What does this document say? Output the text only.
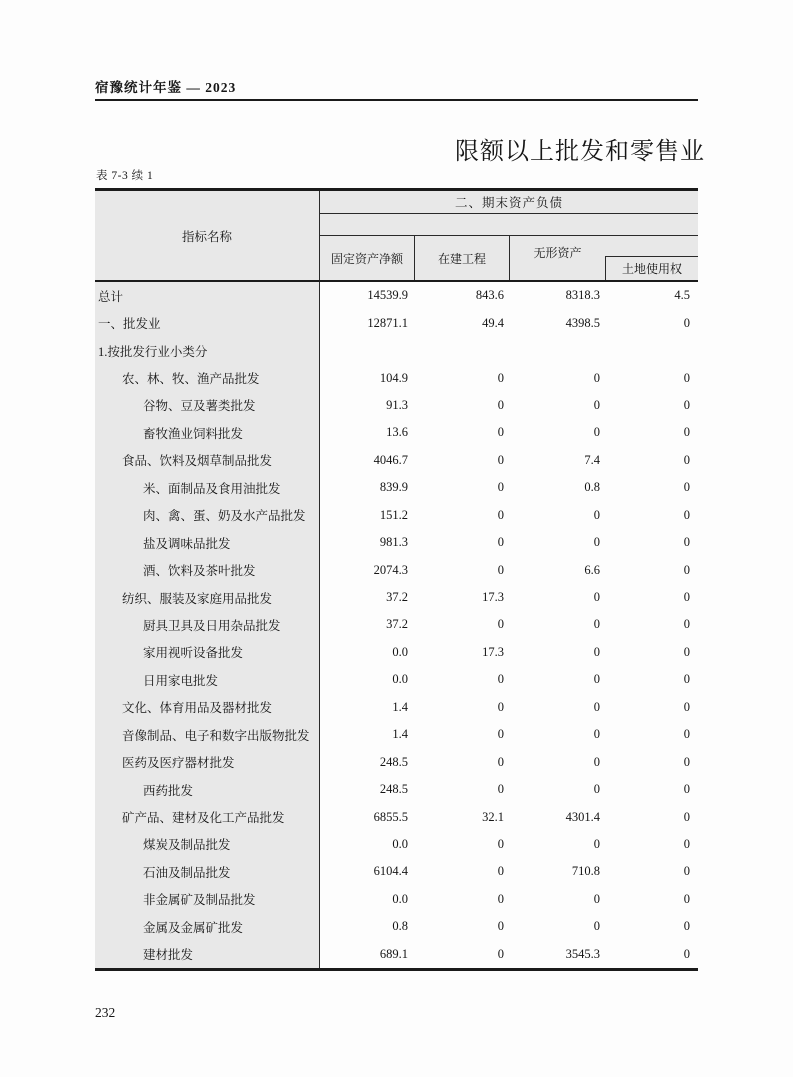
宿豫统计年鉴 — 2023
限额以上批发和零售业
表 7-3 续 1
指标名称
二、期末资产负债
固定资产净额	在建工程	无形资产
土地使用权
总计	14539.9	843.6	8318.3	4.5
一、批发业	12871.1	49.4	4398.5	0
1.按批发行业小类分
农、林、牧、渔产品批发	104.9	0	0	0
谷物、豆及薯类批发	91.3	0	0	0
畜牧渔业饲料批发	13.6	0	0	0
食品、饮料及烟草制品批发	4046.7	0	7.4	0
米、面制品及食用油批发	839.9	0	0.8	0
肉、禽、蛋、奶及水产品批发	151.2	0	0	0
盐及调味品批发	981.3	0	0	0
酒、饮料及茶叶批发	2074.3	0	6.6	0
纺织、服装及家庭用品批发	37.2	17.3	0	0
厨具卫具及日用杂品批发	37.2	0	0	0
家用视听设备批发	0.0	17.3	0	0
日用家电批发	0.0	0	0	0
文化、体育用品及器材批发	1.4	0	0	0
音像制品、电子和数字出版物批发	1.4	0	0	0
医药及医疗器材批发	248.5	0	0	0
西药批发	248.5	0	0	0
矿产品、建材及化工产品批发	6855.5	32.1	4301.4	0
煤炭及制品批发	0.0	0	0	0
石油及制品批发	6104.4	0	710.8	0
非金属矿及制品批发	0.0	0	0	0
金属及金属矿批发	0.8	0	0	0
建材批发	689.1	0	3545.3	0
232
